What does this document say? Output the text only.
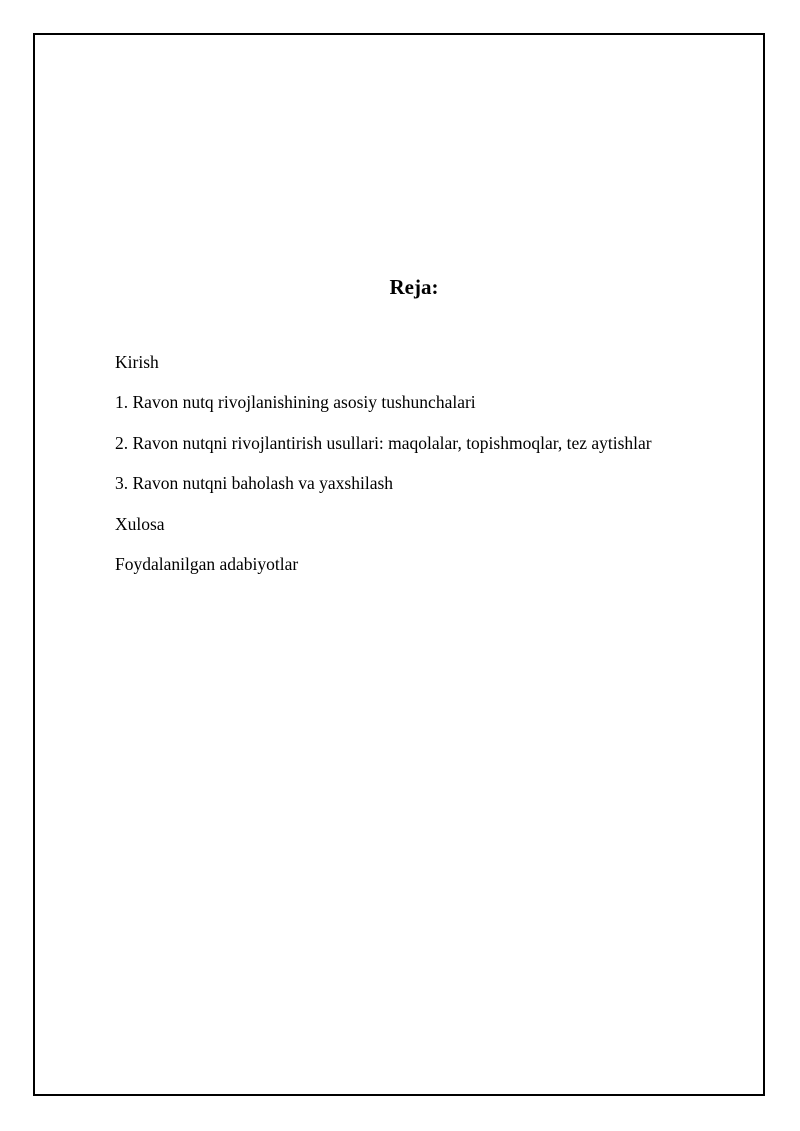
Reja:
Kirish
1. Ravon nutq rivojlanishining asosiy tushunchalari
2. Ravon nutqni rivojlantirish usullari: maqolalar, topishmoqlar, tez aytishlar
3. Ravon nutqni baholash va yaxshilash
Xulosa
Foydalanilgan adabiyotlar
